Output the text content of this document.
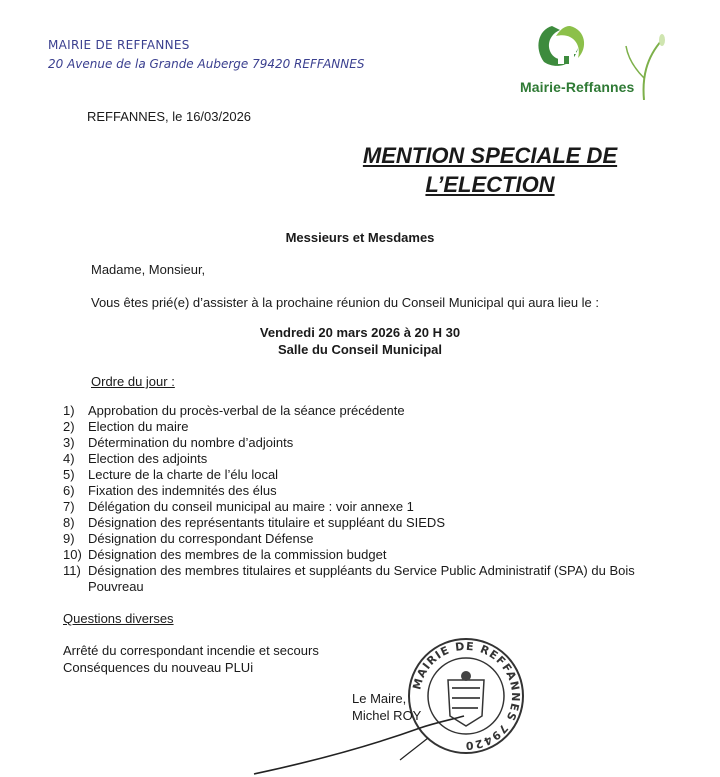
MAIRIE DE REFFANNES
20 Avenue de la Grande Auberge 79420 REFFANNES
Mairie-Reffannes
REFFANNES, le 16/03/2026
MENTION SPECIALE DE
L’ELECTION
Messieurs et Mesdames
Madame, Monsieur,
Vous êtes prié(e) d’assister à la prochaine réunion du Conseil Municipal qui aura lieu le :
Vendredi 20 mars 2026 à 20 H 30
Salle du Conseil Municipal
Ordre du jour :
1) Approbation du procès-verbal de la séance précédente
2) Election du maire
3) Détermination du nombre d’adjoints
4) Election des adjoints
5) Lecture de la charte de l’élu local
6) Fixation des indemnités des élus
7) Délégation du conseil municipal au maire : voir annexe 1
8) Désignation des représentants titulaire et suppléant du SIEDS
9) Désignation du correspondant Défense
10) Désignation des membres de la commission budget
11) Désignation des membres titulaires et suppléants du Service Public Administratif (SPA) du Bois Pouvreau
Questions diverses
Arrêté du correspondant incendie et secours
Conséquences du nouveau PLUi
MAIRIE DE REFFANNES 79420
Le Maire,
Michel ROY
